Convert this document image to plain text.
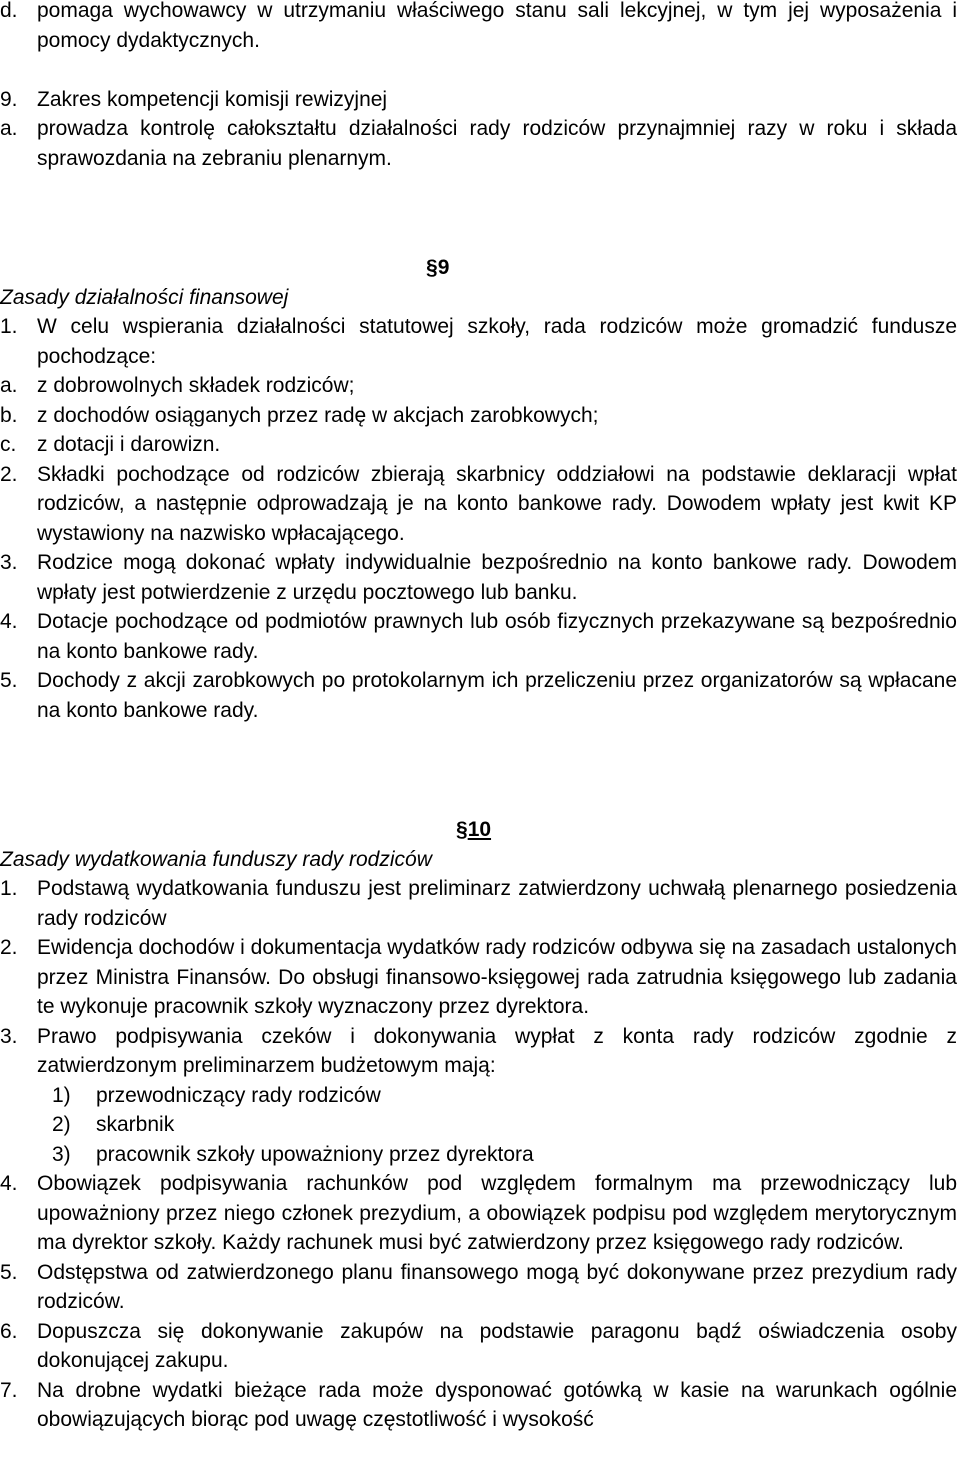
d. pomaga wychowawcy w utrzymaniu właściwego stanu sali lekcyjnej, w tym jej wyposażenia i pomocy dydaktycznych.
9. Zakres kompetencji komisji rewizyjnej
a. prowadza kontrolę całokształtu działalności rady rodziców przynajmniej razy w roku i składa sprawozdania na zebraniu plenarnym.
§9
Zasady działalności finansowej
1. W celu wspierania działalności statutowej szkoły, rada rodziców może gromadzić fundusze pochodzące:
a. z dobrowolnych składek rodziców;
b. z dochodów osiąganych przez radę w akcjach zarobkowych;
c. z dotacji i darowizn.
2. Składki pochodzące od rodziców zbierają skarbnicy oddziałowi na podstawie deklaracji wpłat rodziców, a następnie odprowadzają je na konto bankowe rady. Dowodem wpłaty jest kwit KP wystawiony na nazwisko wpłacającego.
3. Rodzice mogą dokonać wpłaty indywidualnie bezpośrednio na konto bankowe rady. Dowodem wpłaty jest potwierdzenie z urzędu pocztowego lub banku.
4. Dotacje pochodzące od podmiotów prawnych lub osób fizycznych przekazywane są bezpośrednio na konto bankowe rady.
5. Dochody z akcji zarobkowych po protokolarnym ich przeliczeniu przez organizatorów są wpłacane na konto bankowe rady.
§10
Zasady wydatkowania funduszy rady rodziców
1. Podstawą wydatkowania funduszu jest preliminarz zatwierdzony uchwałą plenarnego posiedzenia rady rodziców
2. Ewidencja dochodów i dokumentacja wydatków rady rodziców odbywa się na zasadach ustalonych przez Ministra Finansów. Do obsługi finansowo-księgowej rada zatrudnia księgowego lub zadania te wykonuje pracownik szkoły wyznaczony przez dyrektora.
3. Prawo podpisywania czeków i dokonywania wypłat z konta rady rodziców zgodnie z zatwierdzonym preliminarzem budżetowym mają:
1) przewodniczący rady rodziców
2) skarbnik
3) pracownik szkoły upoważniony przez dyrektora
4. Obowiązek podpisywania rachunków pod względem formalnym ma przewodniczący lub upoważniony przez niego członek prezydium, a obowiązek podpisu pod względem merytorycznym ma dyrektor szkoły. Każdy rachunek musi być zatwierdzony przez księgowego rady rodziców.
5. Odstępstwa od zatwierdzonego planu finansowego mogą być dokonywane przez prezydium rady rodziców.
6. Dopuszcza się dokonywanie zakupów na podstawie paragonu bądź oświadczenia osoby dokonującej zakupu.
7. Na drobne wydatki bieżące rada może dysponować gotówką w kasie na warunkach ogólnie obowiązujących biorąc pod uwagę częstotliwość i wysokość
